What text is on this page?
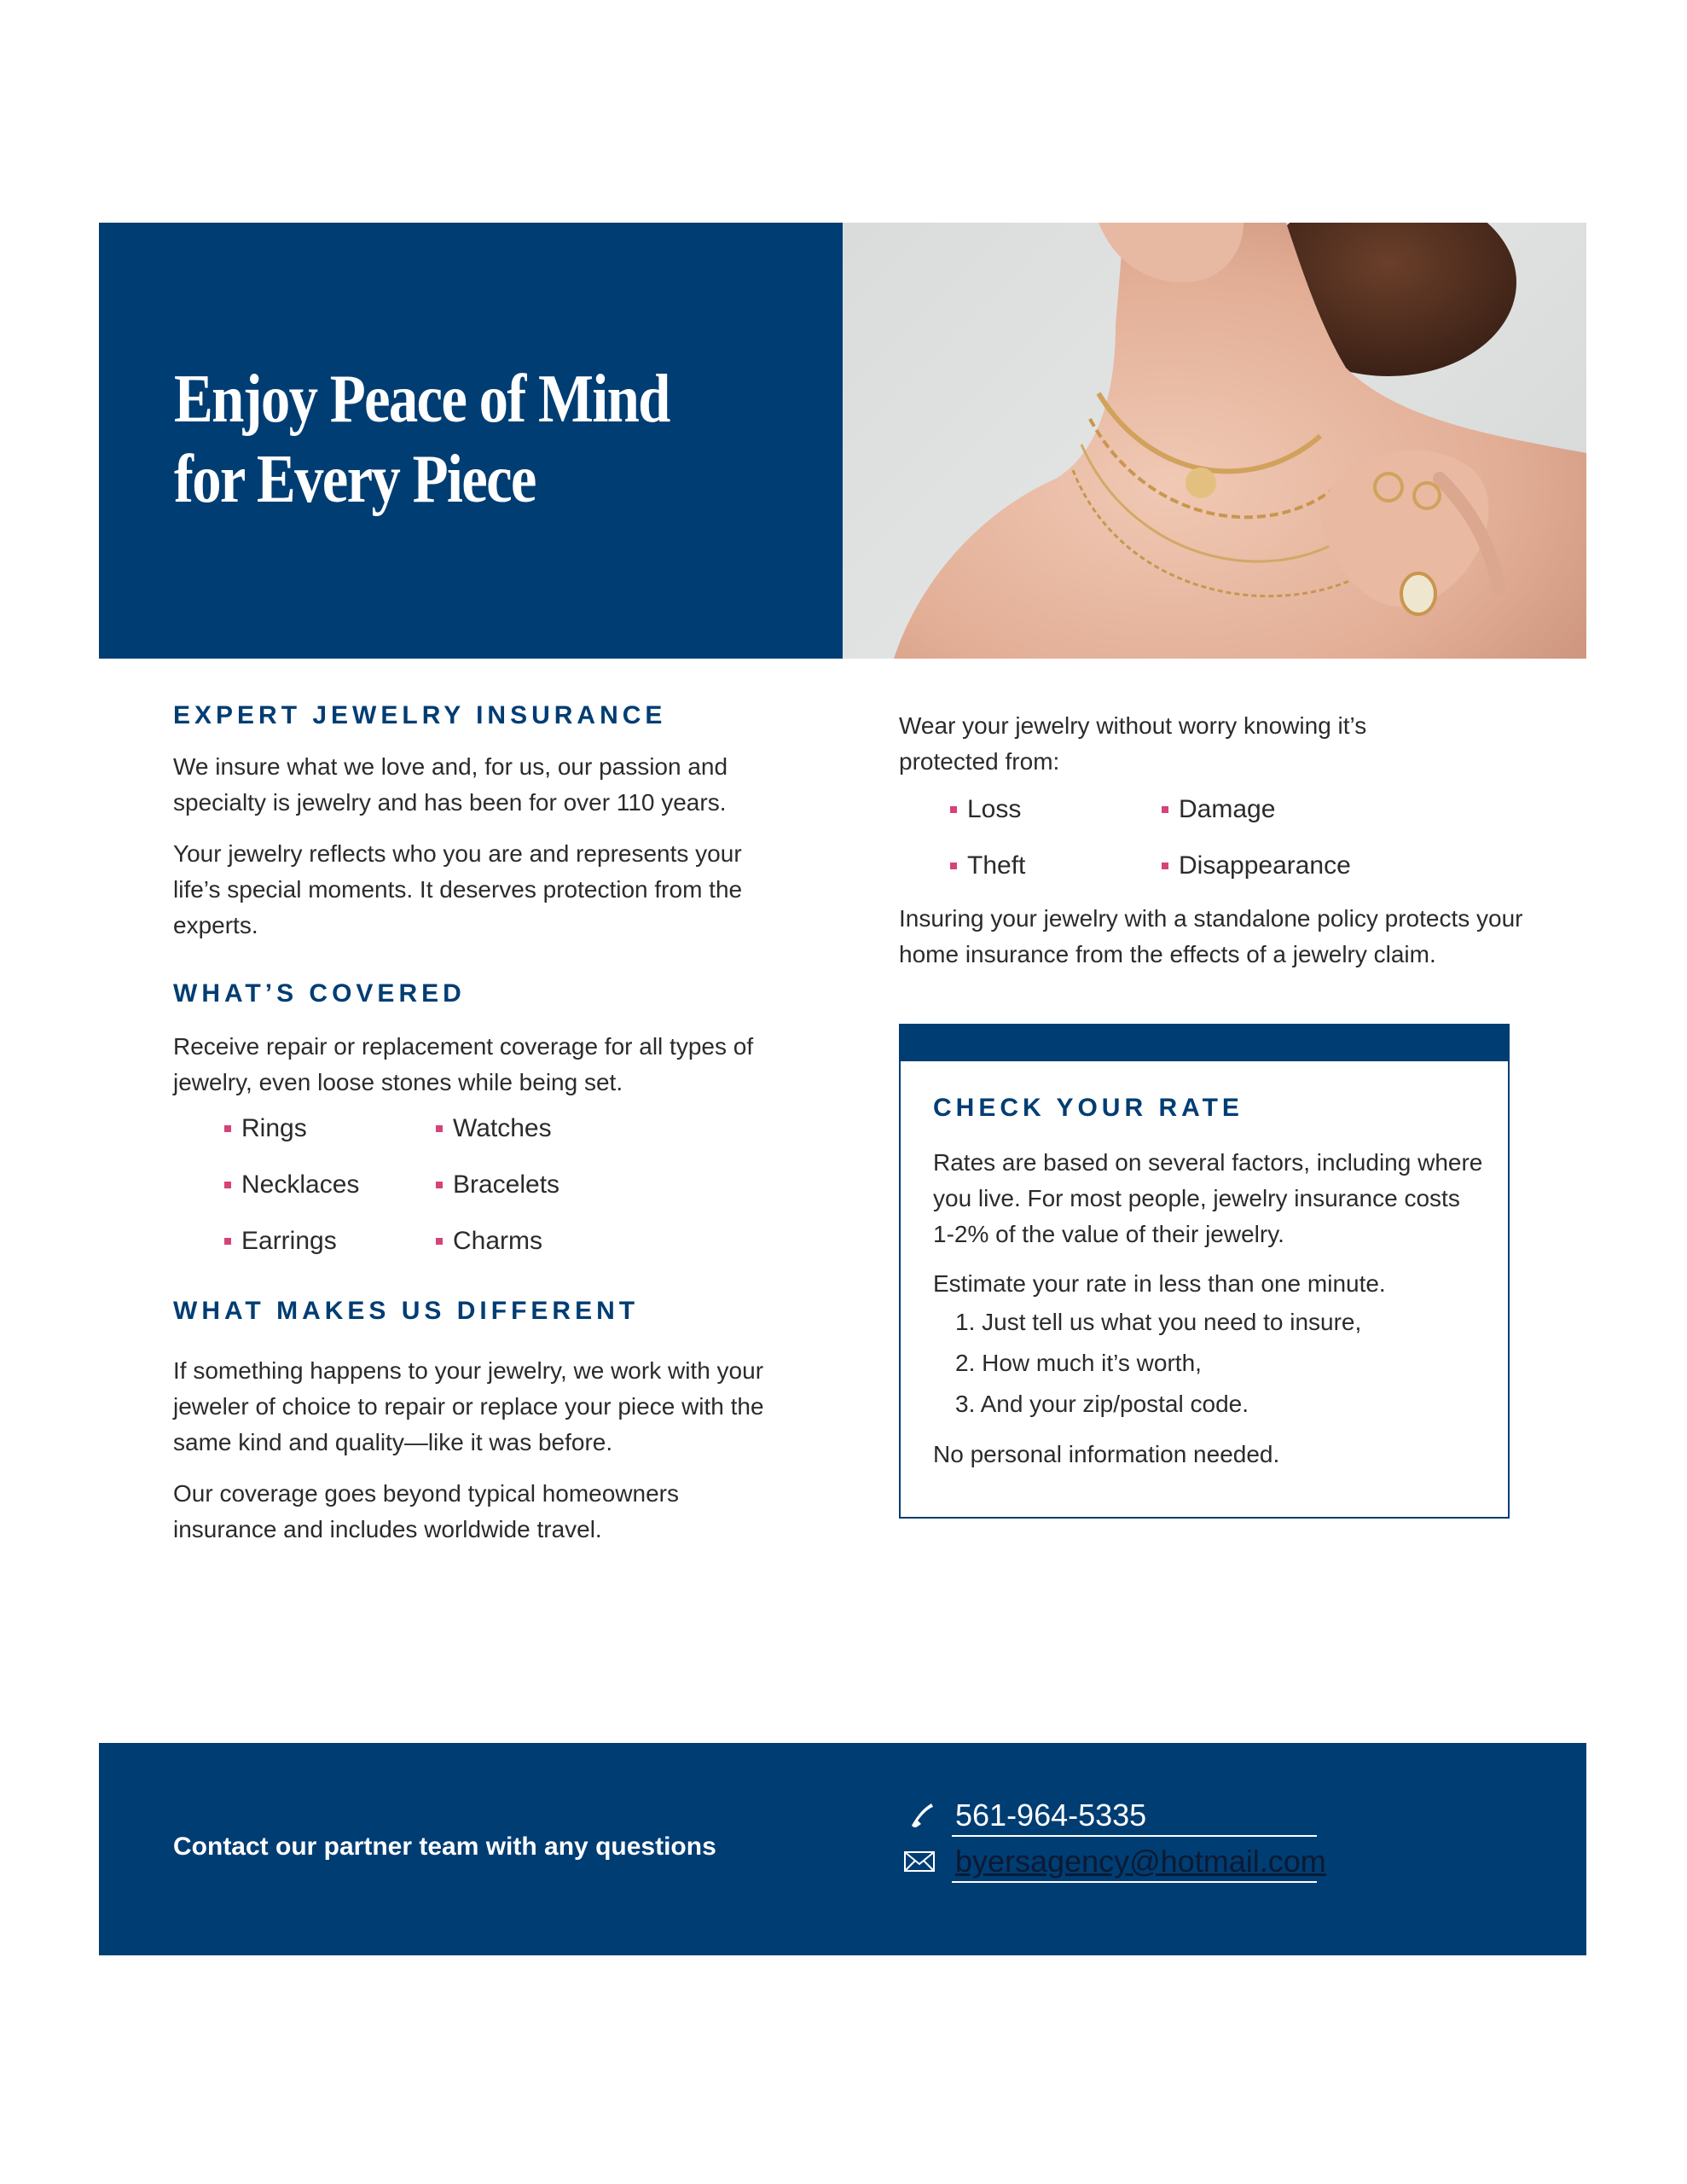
Enjoy Peace of Mind
for Every Piece
EXPERT JEWELRY INSURANCE

We insure what we love and, for us, our passion and specialty is jewelry and has been for over 110 years.

Your jewelry reflects who you are and represents your life’s special moments. It deserves protection from the experts.

WHAT’S COVERED

Receive repair or replacement coverage for all types of jewelry, even loose stones while being set.

Rings	Watches
Necklaces	Bracelets
Earrings	Charms
WHAT MAKES US DIFFERENT

If something happens to your jewelry, we work with your jeweler of choice to repair or replace your piece with the same kind and quality—like it was before.

Our coverage goes beyond typical homeowners insurance and includes worldwide travel.

Wear your jewelry without worry knowing it’s protected from:

Loss	Damage
Theft	Disappearance

Insuring your jewelry with a standalone policy protects your home insurance from the effects of a jewelry claim.

CHECK YOUR RATE

Rates are based on several factors, including where you live. For most people, jewelry insurance costs 1-2% of the value of their jewelry.

Estimate your rate in less than one minute.

1. Just tell us what you need to insure,
2. How much it’s worth,
3. And your zip/postal code.

No personal information needed.

Contact our partner team with any questions
561-964-5335
byersagency@hotmail.com
